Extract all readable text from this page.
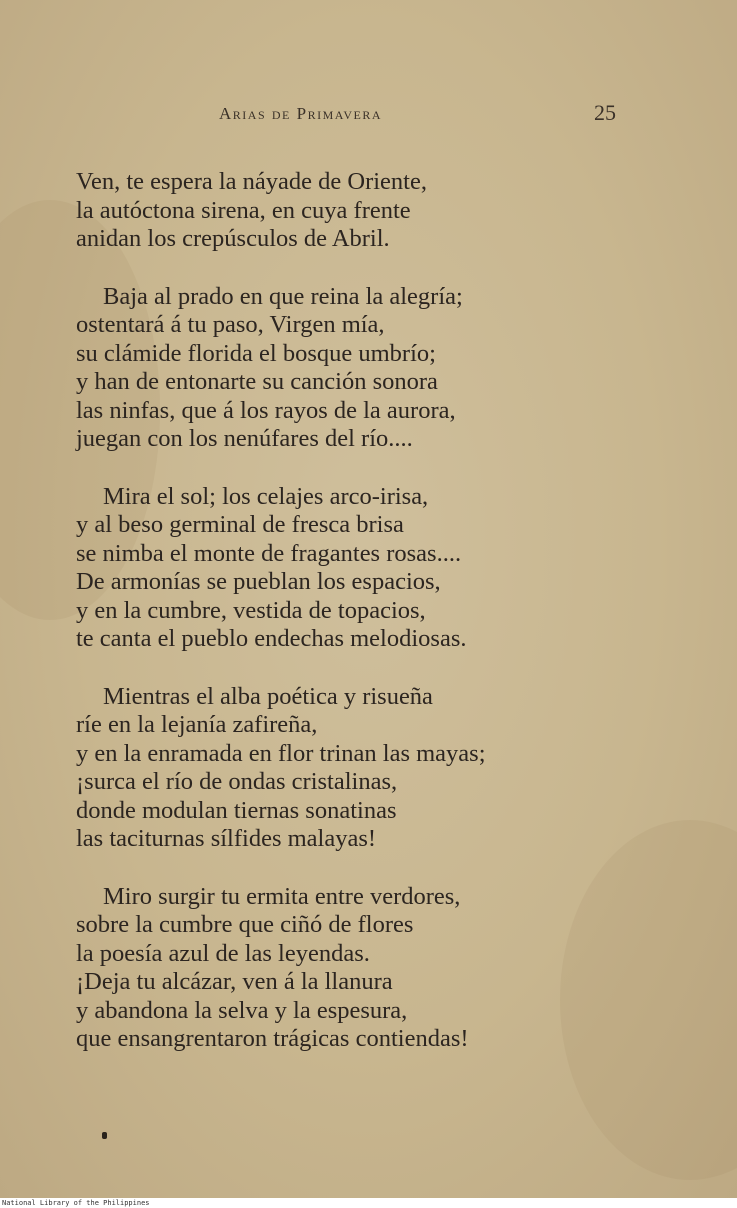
Arias de Primavera	25
Ven, te espera la náyade de Oriente,
la autóctona sirena, en cuya frente
anidan los crepúsculos de Abril.
Baja al prado en que reina la alegría;
ostentará á tu paso, Virgen mía,
su clámide florida el bosque umbrío;
y han de entonarte su canción sonora
las ninfas, que á los rayos de la aurora,
juegan con los nenúfares del río....
Mira el sol; los celajes arco-irisa,
y al beso germinal de fresca brisa
se nimba el monte de fragantes rosas....
De armonías se pueblan los espacios,
y en la cumbre, vestida de topacios,
te canta el pueblo endechas melodiosas.
Mientras el alba poética y risueña
ríe en la lejanía zafireña,
y en la enramada en flor trinan las mayas;
¡surca el río de ondas cristalinas,
donde modulan tiernas sonatinas
las taciturnas sílfides malayas!
Miro surgir tu ermita entre verdores,
sobre la cumbre que ciñó de flores
la poesía azul de las leyendas.
¡Deja tu alcázar, ven á la llanura
y abandona la selva y la espesura,
que ensangrentaron trágicas contiendas!
National Library of the Philippines
